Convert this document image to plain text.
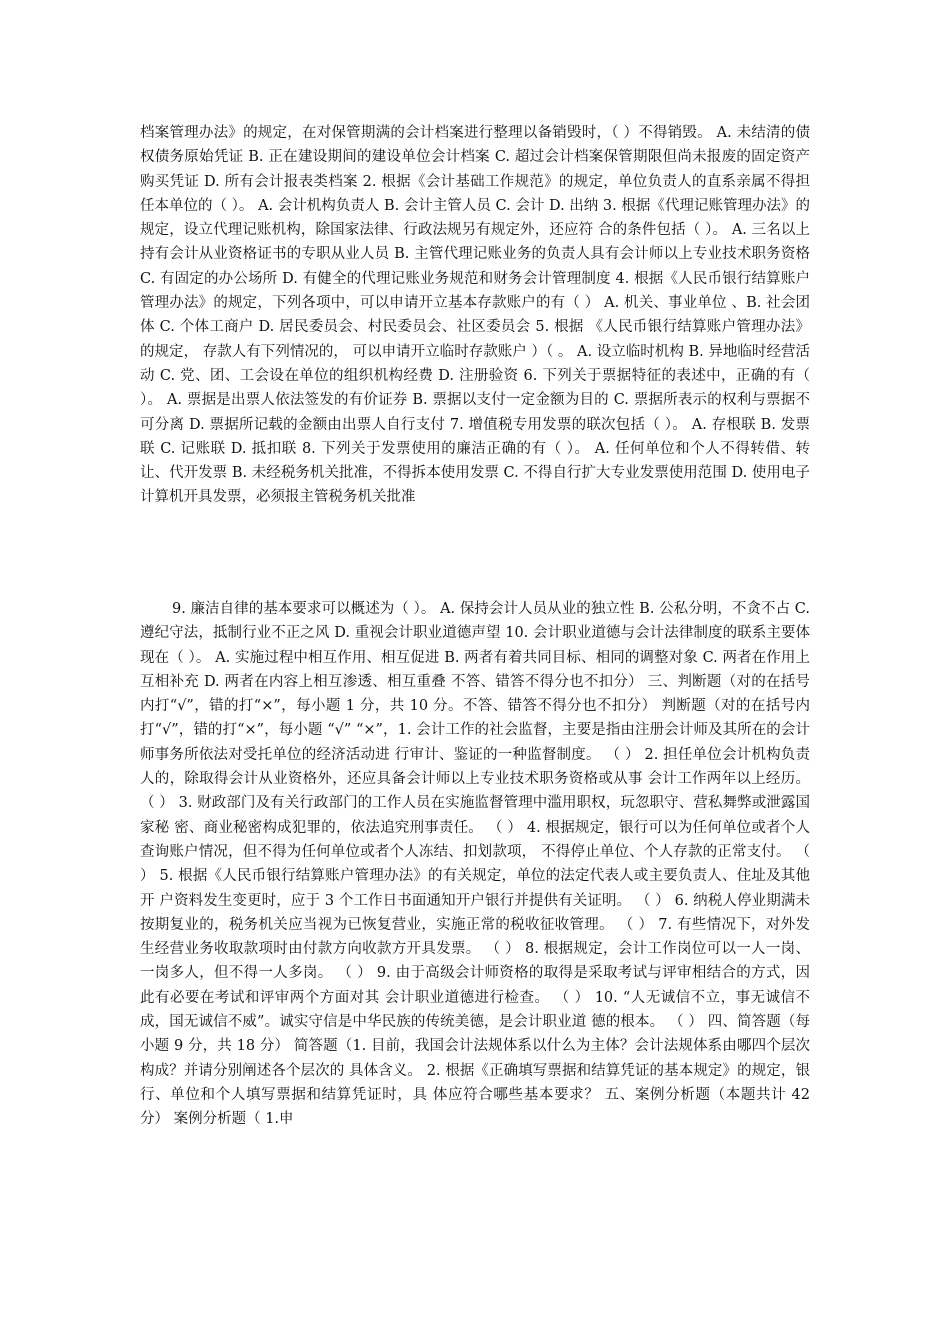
档案管理办法》的规定，在对保管期满的会计档案进行整理以备销毁时，（ ）不得销毁。 A. 未结清的债权债务原始凭证 B. 正在建设期间的建设单位会计档案 C. 超过会计档案保管期限但尚未报废的固定资产购买凭证 D. 所有会计报表类档案 2. 根据《会计基础工作规范》的规定，单位负责人的直系亲属不得担任本单位的（ ）。 A. 会计机构负责人 B. 会计主管人员 C. 会计 D. 出纳 3. 根据《代理记账管理办法》的规定，设立代理记账机构，除国家法律、行政法规另有规定外，还应符 合的条件包括（ ）。 A. 三名以上持有会计从业资格证书的专职从业人员 B. 主管代理记账业务的负责人具有会计师以上专业技术职务资格 C. 有固定的办公场所 D. 有健全的代理记账业务规范和财务会计管理制度 4. 根据《人民币银行结算账户管理办法》的规定，下列各项中，可以申请开立基本存款账户的有（ ） A. 机关、事业单位 、B. 社会团体 C. 个体工商户 D. 居民委员会、村民委员会、社区委员会 5. 根据 《人民币银行结算账户管理办法》 的规定， 存款人有下列情况的， 可以申请开立临时存款账户 ）（ 。 A. 设立临时机构 B. 异地临时经营活动 C. 党、团、工会设在单位的组织机构经费 D. 注册验资 6. 下列关于票据特征的表述中，正确的有（ ）。 A. 票据是出票人依法签发的有价证券 B. 票据以支付一定金额为目的 C. 票据所表示的权利与票据不可分离 D. 票据所记载的金额由出票人自行支付 7. 增值税专用发票的联次包括（ ）。 A. 存根联 B. 发票联 C. 记账联 D. 抵扣联 8. 下列关于发票使用的廉洁正确的有（ ）。 A. 任何单位和个人不得转借、转让、代开发票 B. 未经税务机关批准，不得拆本使用发票 C. 不得自行扩大专业发票使用范围 D. 使用电子计算机开具发票，必须报主管税务机关批准

9. 廉洁自律的基本要求可以概述为（ ）。 A. 保持会计人员从业的独立性 B. 公私分明，不贪不占 C. 遵纪守法，抵制行业不正之风 D. 重视会计职业道德声望 10. 会计职业道德与会计法律制度的联系主要体现在（ ）。 A. 实施过程中相互作用、相互促进 B. 两者有着共同目标、相同的调整对象 C. 两者在作用上互相补充 D. 两者在内容上相互渗透、相互重叠 不答、错答不得分也不扣分） 三、判断题（对的在括号内打“√”，错的打“×”，每小题 1 分，共 10 分。不答、错答不得分也不扣分） 判断题（对的在括号内打“√”，错的打“×”，每小题 “√” “×”，1. 会计工作的社会监督，主要是指由注册会计师及其所在的会计师事务所依法对受托单位的经济活动进 行审计、鉴证的一种监督制度。 （ ） 2. 担任单位会计机构负责人的，除取得会计从业资格外，还应具备会计师以上专业技术职务资格或从事 会计工作两年以上经历。 （ ） 3. 财政部门及有关行政部门的工作人员在实施监督管理中滥用职权，玩忽职守、营私舞弊或泄露国家秘 密、商业秘密构成犯罪的，依法追究刑事责任。 （ ） 4. 根据规定，银行可以为任何单位或者个人查询账户情况，但不得为任何单位或者个人冻结、扣划款项， 不得停止单位、个人存款的正常支付。 （ ） 5. 根据《人民币银行结算账户管理办法》的有关规定，单位的法定代表人或主要负责人、住址及其他开 户资料发生变更时，应于 3 个工作日书面通知开户银行并提供有关证明。 （ ） 6. 纳税人停业期满未按期复业的，税务机关应当视为已恢复营业，实施正常的税收征收管理。 （ ） 7. 有些情况下，对外发生经营业务收取款项时由付款方向收款方开具发票。 （ ） 8. 根据规定，会计工作岗位可以一人一岗、一岗多人，但不得一人多岗。 （ ） 9. 由于高级会计师资格的取得是采取考试与评审相结合的方式，因此有必要在考试和评审两个方面对其 会计职业道德进行检查。 （ ） 10. “人无诚信不立，事无诚信不成，国无诚信不威”。诚实守信是中华民族的传统美德，是会计职业道 德的根本。 （ ） 四、简答题（每小题 9 分，共 18 分） 简答题（1. 目前，我国会计法规体系以什么为主体？会计法规体系由哪四个层次构成？并请分别阐述各个层次的 具体含义。 2. 根据《正确填写票据和结算凭证的基本规定》的规定，银行、单位和个人填写票据和结算凭证时，具 体应符合哪些基本要求？ 五、案例分析题（本题共计 42 分） 案例分析题（ 1.申
